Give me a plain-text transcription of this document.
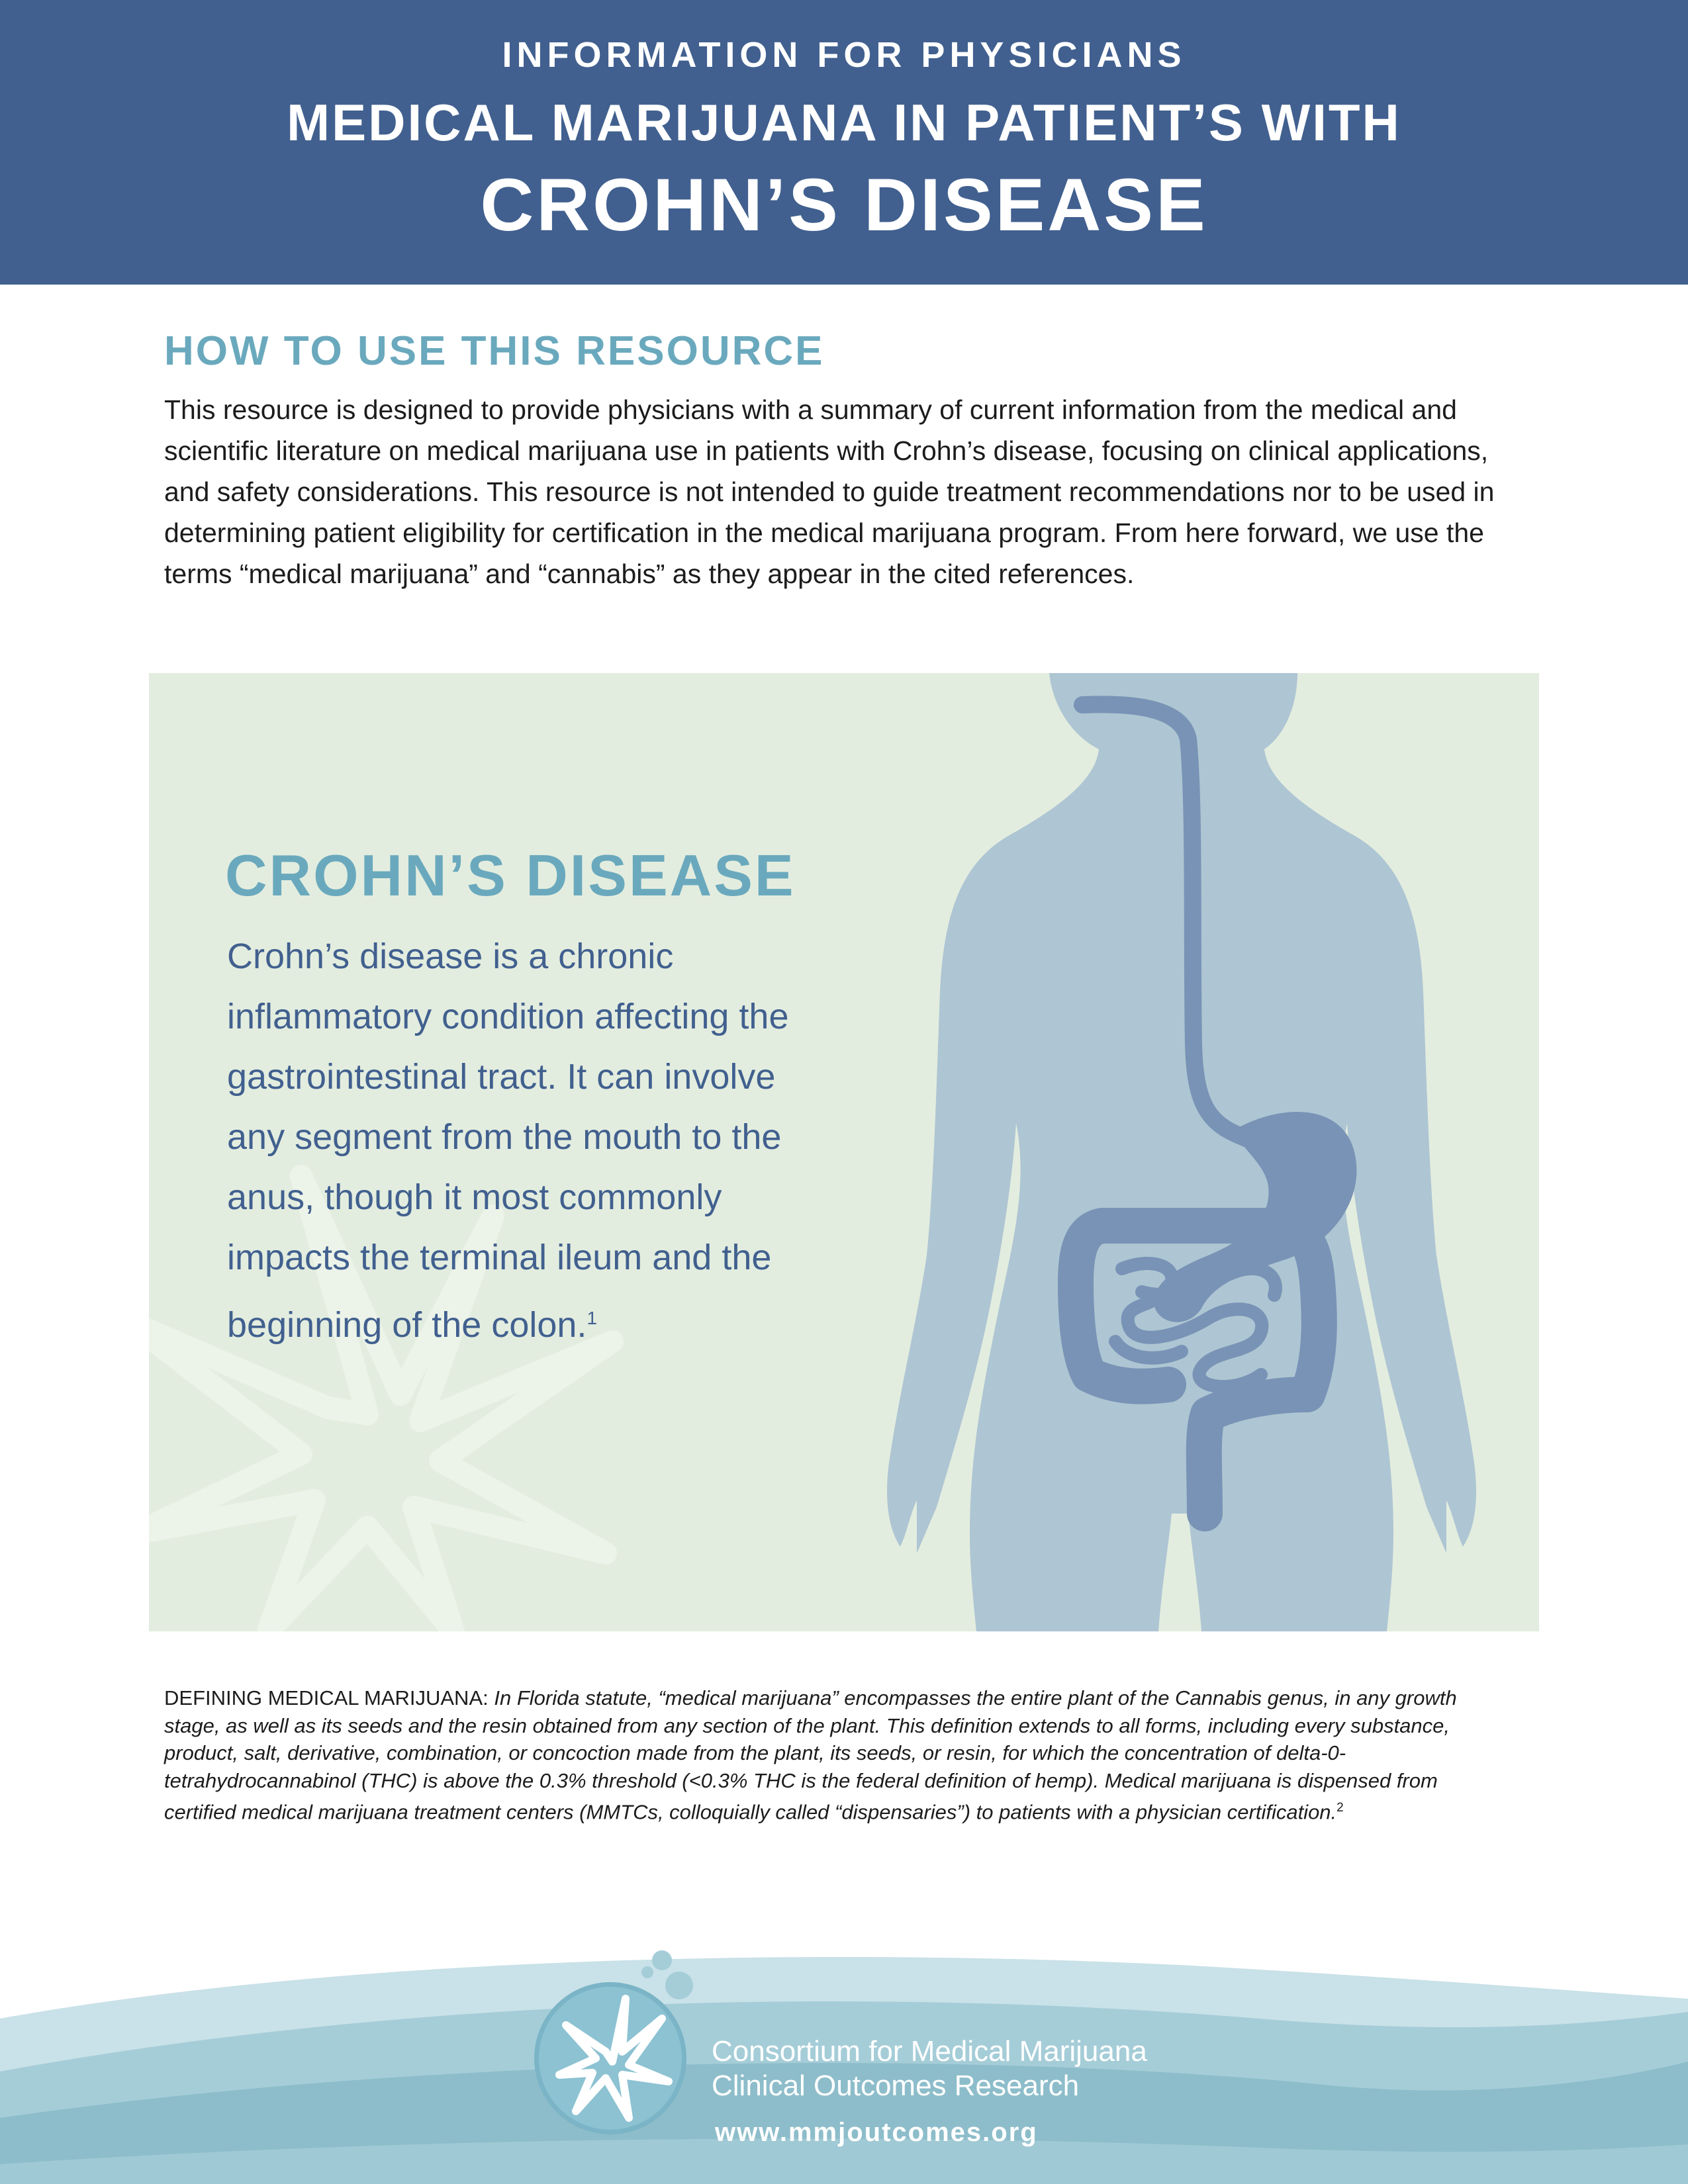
INFORMATION FOR PHYSICIANS
MEDICAL MARIJUANA IN PATIENT’S WITH
CROHN’S DISEASE
HOW TO USE THIS RESOURCE
This resource is designed to provide physicians with a summary of current information from the medical and scientific literature on medical marijuana use in patients with Crohn’s disease, focusing on clinical applications, and safety considerations. This resource is not intended to guide treatment recommendations nor to be used in determining patient eligibility for certification in the medical marijuana program. From here forward, we use the terms “medical marijuana” and “cannabis” as they appear in the cited references.
CROHN’S DISEASE
Crohn’s disease is a chronic inflammatory condition affecting the gastrointestinal tract. It can involve any segment from the mouth to the anus, though it most commonly impacts the terminal ileum and the beginning of the colon.$^1$
DEFINING MEDICAL MARIJUANA: In Florida statute, “medical marijuana” encompasses the entire plant of the Cannabis genus, in any growth stage, as well as its seeds and the resin obtained from any section of the plant. This definition extends to all forms, including every substance, product, salt, derivative, combination, or concoction made from the plant, its seeds, or resin, for which the concentration of delta-0-tetrahydrocannabinol (THC) is above the 0.3% threshold (<0.3% THC is the federal definition of hemp). Medical marijuana is dispensed from certified medical marijuana treatment centers (MMTCs, colloquially called “dispensaries”) to patients with a physician certification.$^2$
Consortium for Medical Marijuana
Clinical Outcomes Research
www.mmjoutcomes.org
